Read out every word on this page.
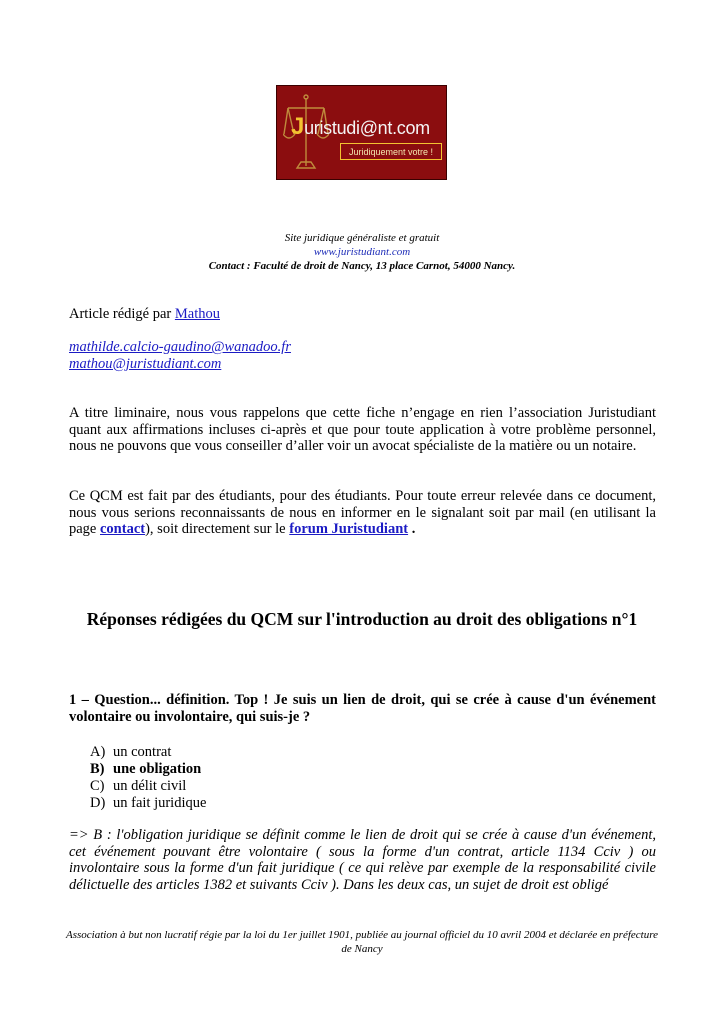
Juristudi@nt.com
Juridiquement votre !
Site juridique généraliste et gratuit
www.juristudiant.com
Contact : Faculté de droit de Nancy, 13 place Carnot, 54000 Nancy.
Article rédigé par Mathou
mathilde.calcio-gaudino@wanadoo.fr
mathou@juristudiant.com
A titre liminaire, nous vous rappelons que cette fiche n’engage en rien l’association Juristudiant quant aux affirmations incluses ci-après et que pour toute application à votre problème personnel, nous ne pouvons que vous conseiller d’aller voir un avocat spécialiste de la matière ou un notaire.
Ce QCM est fait par des étudiants, pour des étudiants. Pour toute erreur relevée dans ce document, nous vous serions reconnaissants de nous en informer en le signalant soit par mail (en utilisant la page contact), soit directement sur le forum Juristudiant .
Réponses rédigées du QCM sur l'introduction au droit des obligations n°1
1 – Question... définition. Top ! Je suis un lien de droit, qui se crée à cause d'un événement volontaire ou involontaire, qui suis-je ?
A) un contrat
B) une obligation
C) un délit civil
D) un fait juridique
=> B : l'obligation juridique se définit comme le lien de droit qui se crée à cause d'un événement, cet événement pouvant être volontaire ( sous la forme d'un contrat, article 1134 Cciv ) ou involontaire sous la forme d'un fait juridique ( ce qui relève par exemple de la responsabilité civile délictuelle des articles 1382 et suivants Cciv ). Dans les deux cas, un sujet de droit est obligé
Association à but non lucratif régie par la loi du 1er juillet 1901, publiée au journal officiel du 10 avril 2004 et déclarée en préfecture de Nancy
